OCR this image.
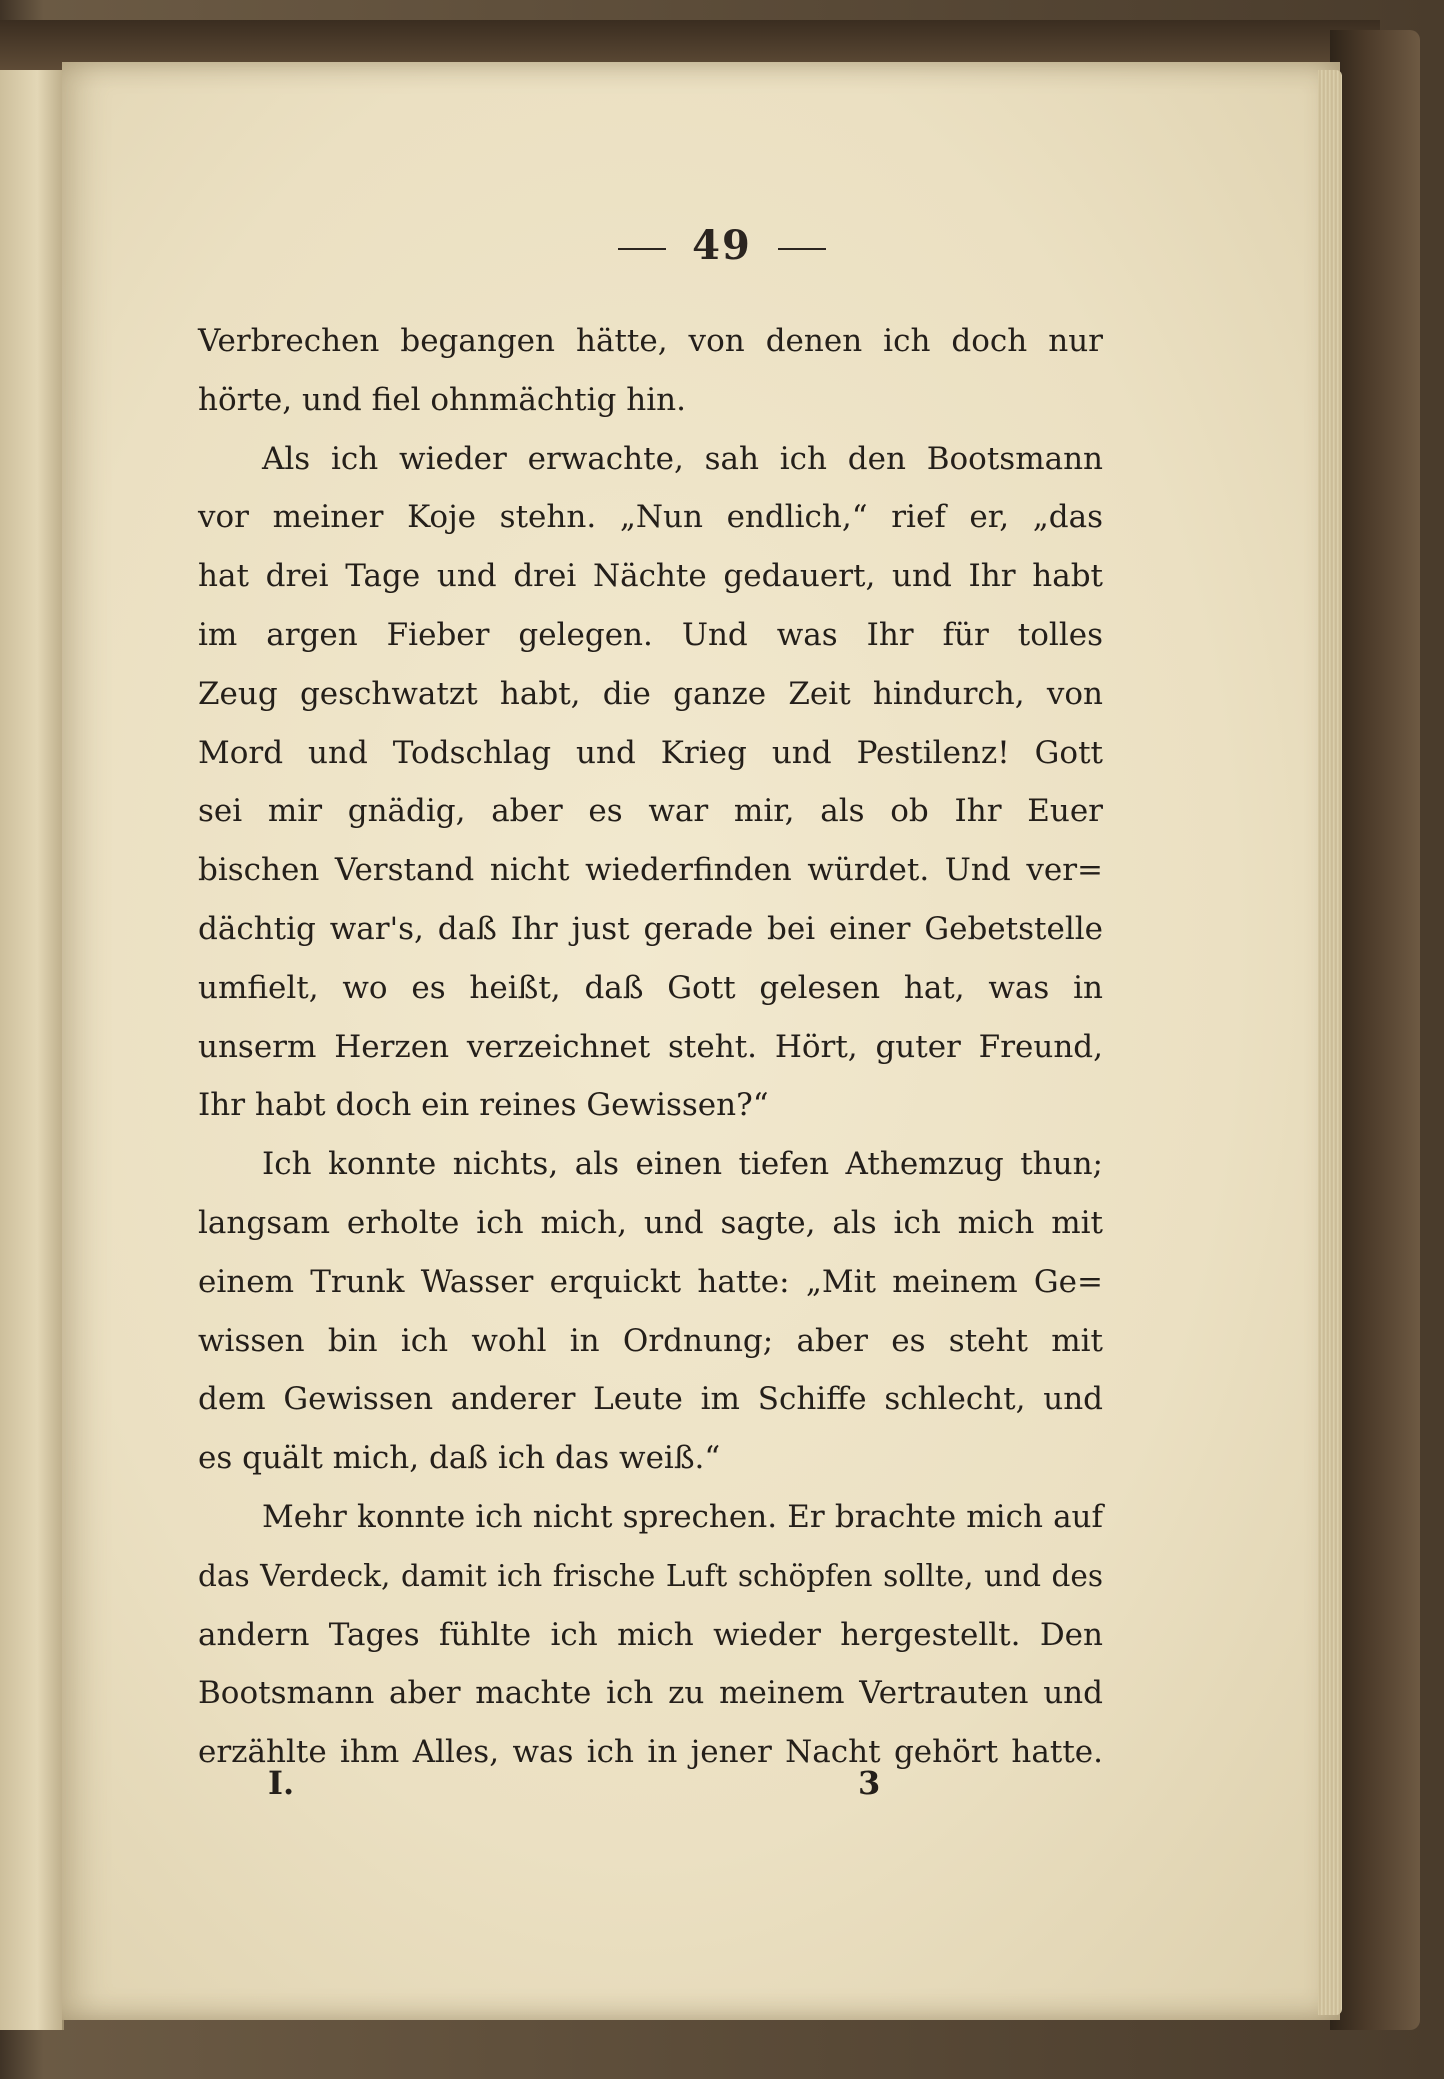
49
Verbrechen begangen hätte, von denen ich doch nur
hörte, und fiel ohnmächtig hin.
Als ich wieder erwachte, sah ich den Bootsmann
vor meiner Koje stehn. „Nun endlich,“ rief er, „das
hat drei Tage und drei Nächte gedauert, und Ihr habt
im argen Fieber gelegen. Und was Ihr für tolles
Zeug geschwatzt habt, die ganze Zeit hindurch, von
Mord und Todschlag und Krieg und Pestilenz! Gott
sei mir gnädig, aber es war mir, als ob Ihr Euer
bischen Verstand nicht wiederfinden würdet. Und ver=
dächtig war's, daß Ihr just gerade bei einer Gebetstelle
umfielt, wo es heißt, daß Gott gelesen hat, was in
unserm Herzen verzeichnet steht. Hört, guter Freund,
Ihr habt doch ein reines Gewissen?“
Ich konnte nichts, als einen tiefen Athemzug thun;
langsam erholte ich mich, und sagte, als ich mich mit
einem Trunk Wasser erquickt hatte: „Mit meinem Ge=
wissen bin ich wohl in Ordnung; aber es steht mit
dem Gewissen anderer Leute im Schiffe schlecht, und
es quält mich, daß ich das weiß.“
Mehr konnte ich nicht sprechen. Er brachte mich auf
das Verdeck, damit ich frische Luft schöpfen sollte, und des
andern Tages fühlte ich mich wieder hergestellt. Den
Bootsmann aber machte ich zu meinem Vertrauten und
erzählte ihm Alles, was ich in jener Nacht gehört hatte.
I.	3
